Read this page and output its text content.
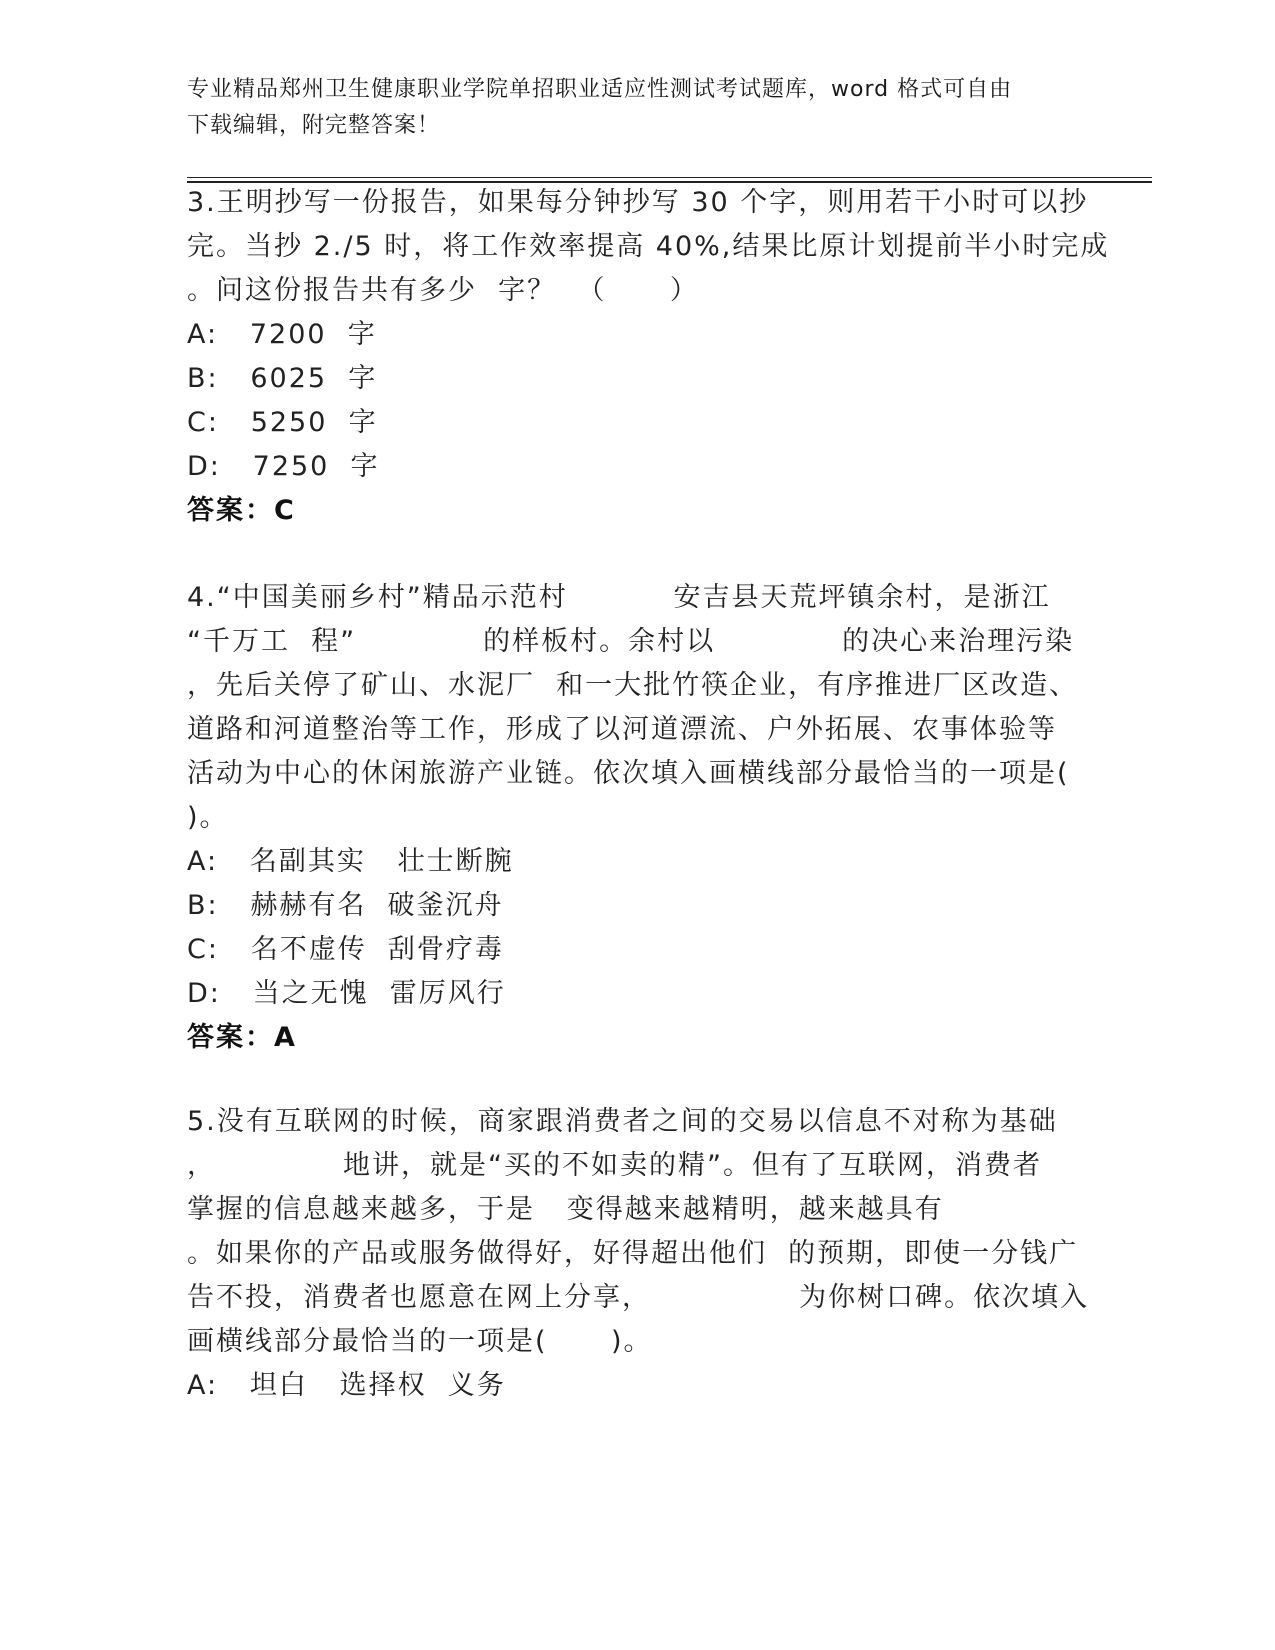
专业精品郑州卫生健康职业学院单招职业适应性测试考试题库，word 格式可自由
下载编辑，附完整答案！
3.王明抄写一份报告，如果每分钟抄写 30 个字，则用若干小时可以抄
完。当抄 2./5 时，将工作效率提高 40%,结果比原计划提前半小时完成
。问这份报告共有多少  字？  （      ）
A:   7200  字
B:   6025  字
C:   5250  字
D:   7250  字
答案：C
4.“中国美丽乡村”精品示范村          安吉县天荒坪镇余村，是浙江
“千万工  程”            的样板村。余村以            的决心来治理污染
，先后关停了矿山、水泥厂  和一大批竹筷企业，有序推进厂区改造、
道路和河道整治等工作，形成了以河道漂流、户外拓展、农事体验等
活动为中心的休闲旅游产业链。依次填入画横线部分最恰当的一项是(
)。
A:   名副其实   壮士断腕
B:   赫赫有名  破釜沉舟
C:   名不虚传  刮骨疗毒
D:   当之无愧  雷厉风行
答案：A
5.没有互联网的时候，商家跟消费者之间的交易以信息不对称为基础
，            地讲，就是“买的不如卖的精”。但有了互联网，消费者
掌握的信息越来越多，于是   变得越来越精明，越来越具有
。如果你的产品或服务做得好，好得超出他们  的预期，即使一分钱广
告不投，消费者也愿意在网上分享，              为你树口碑。依次填入
画横线部分最恰当的一项是(      )。
A:   坦白   选择权  义务
